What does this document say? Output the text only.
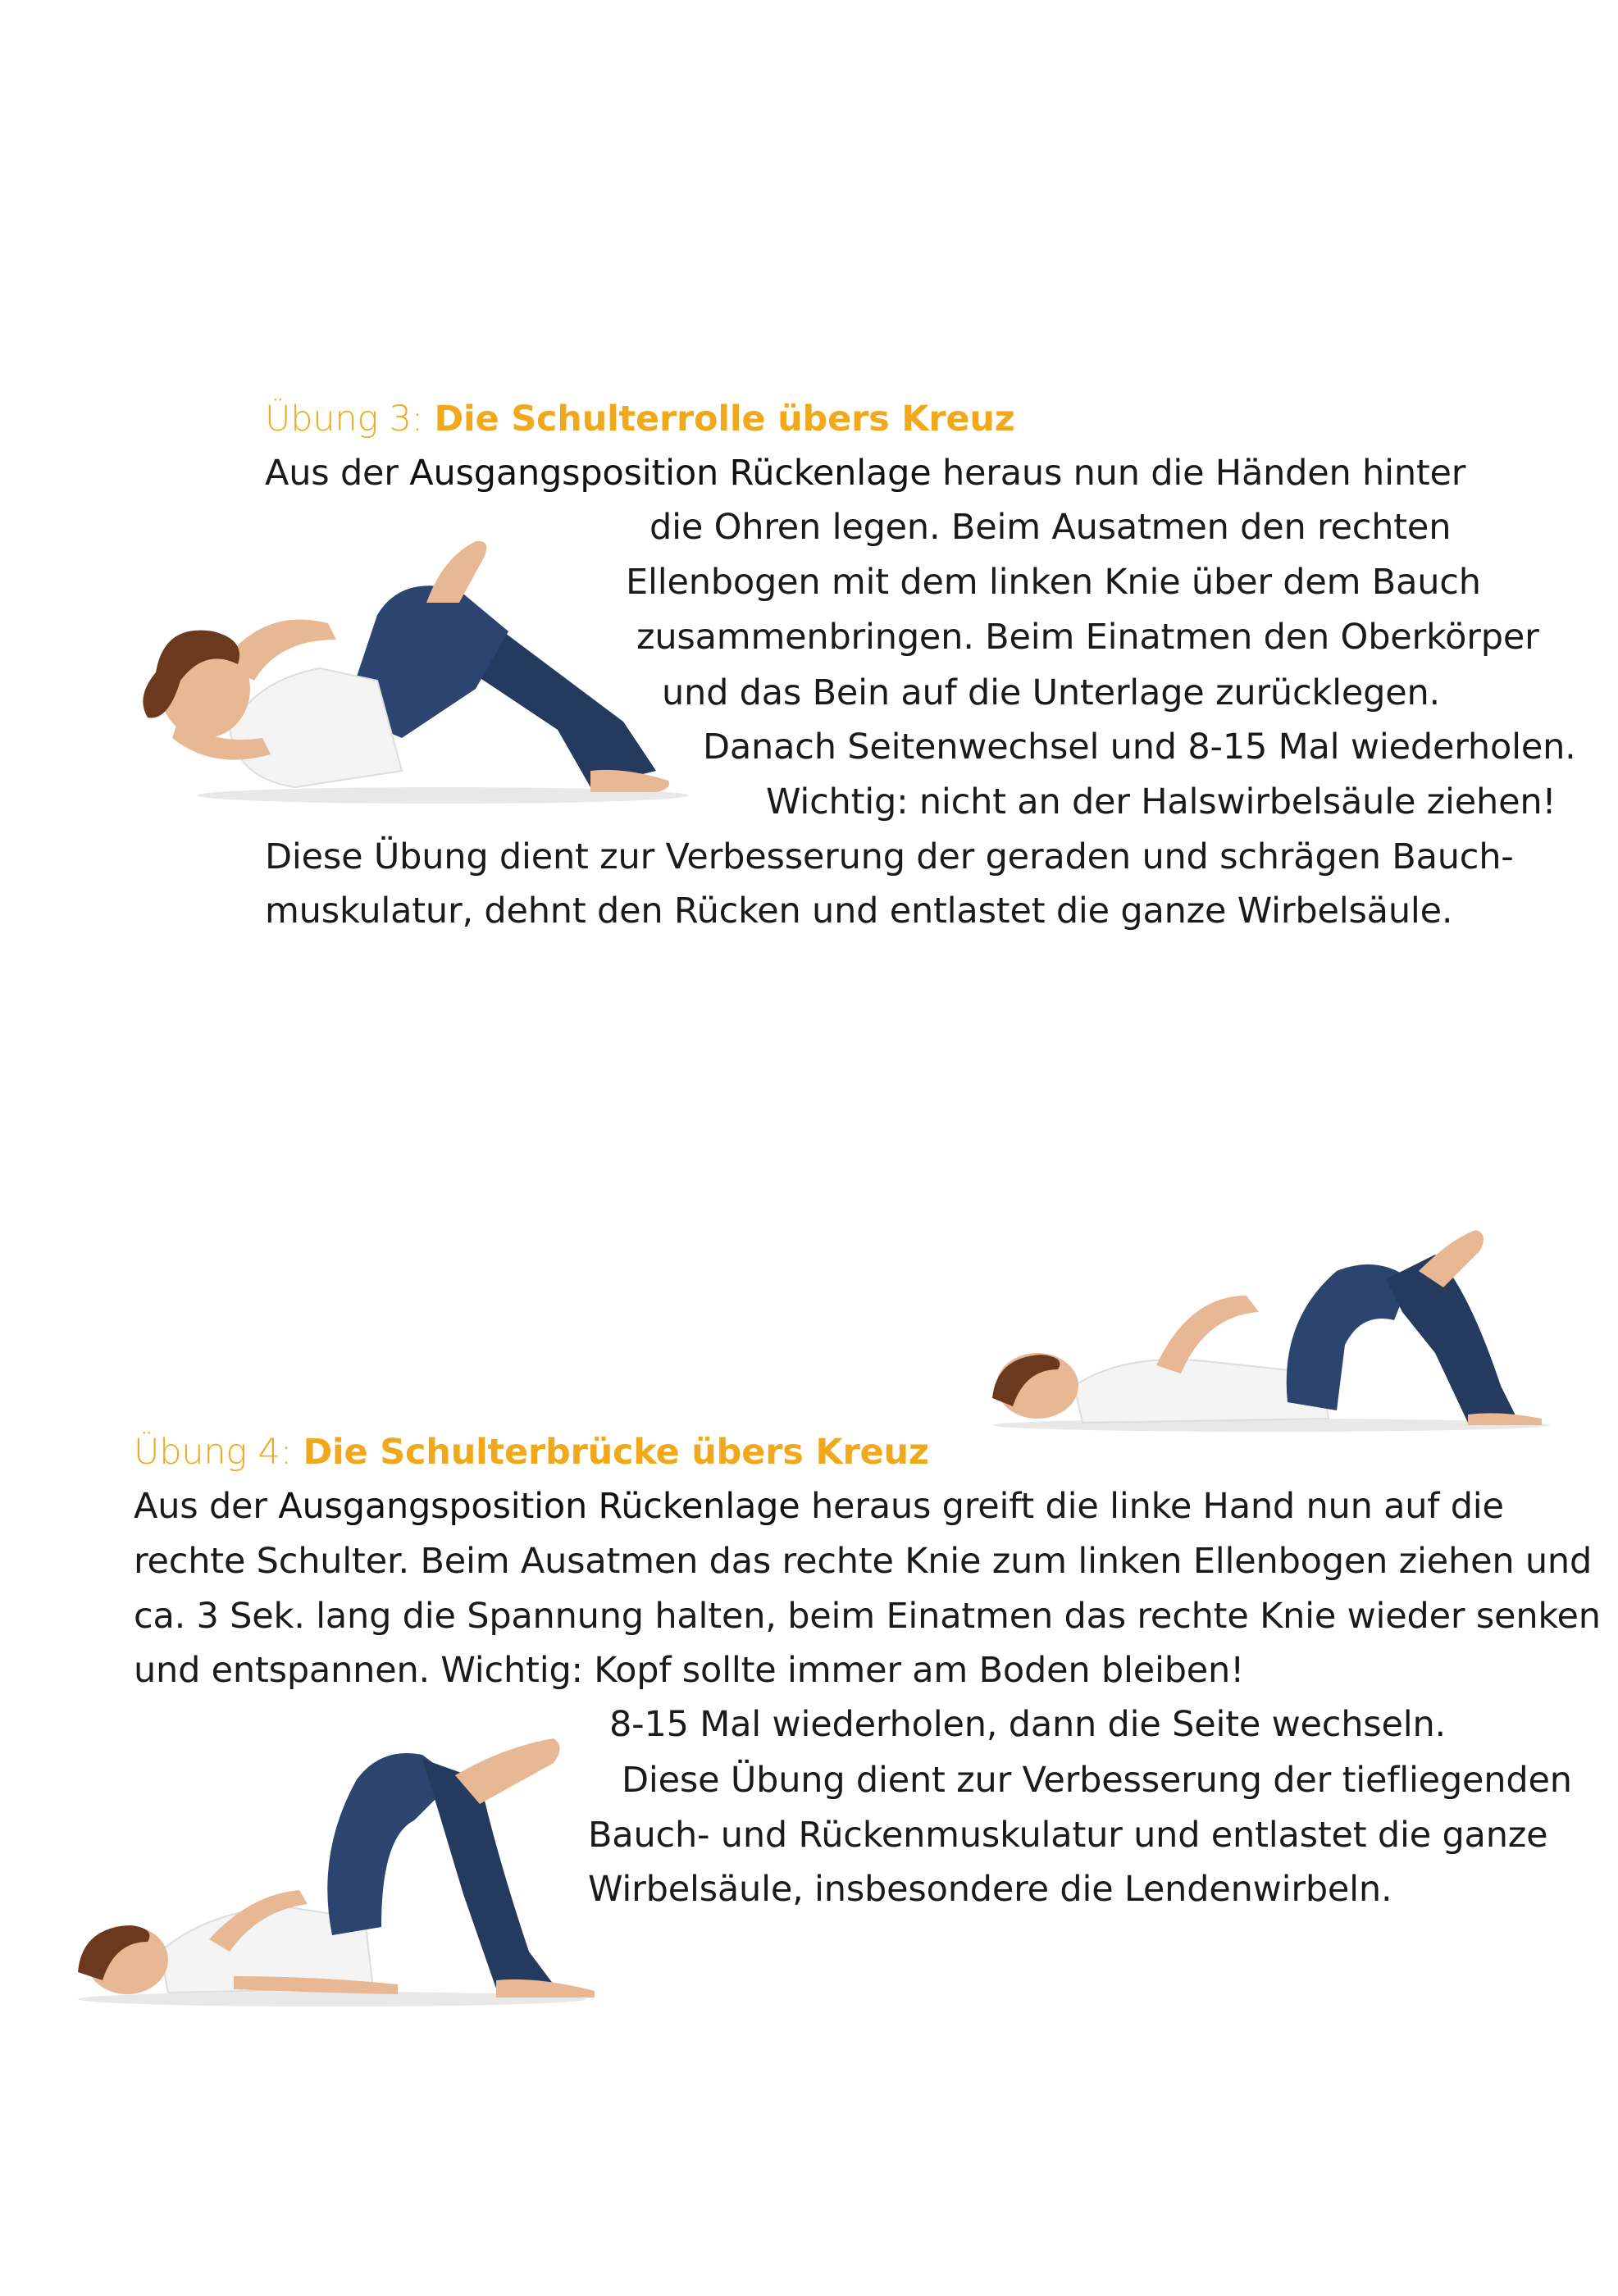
Übung 3: Die Schulterrolle übers Kreuz
Aus der Ausgangsposition Rückenlage heraus nun die Händen hinter
die Ohren legen. Beim Ausatmen den rechten
Ellenbogen mit dem linken Knie über dem Bauch
zusammenbringen. Beim Einatmen den Oberkörper
und das Bein auf die Unterlage zurücklegen.
Danach Seitenwechsel und 8-15 Mal wiederholen.
Wichtig: nicht an der Halswirbelsäule ziehen!
Diese Übung dient zur Verbesserung der geraden und schrägen Bauch-
muskulatur, dehnt den Rücken und entlastet die ganze Wirbelsäule.
Übung 4: Die Schulterbrücke übers Kreuz
Aus der Ausgangsposition Rückenlage heraus greift die linke Hand nun auf die
rechte Schulter. Beim Ausatmen das rechte Knie zum linken Ellenbogen ziehen und
ca. 3 Sek. lang die Spannung halten, beim Einatmen das rechte Knie wieder senken
und entspannen. Wichtig: Kopf sollte immer am Boden bleiben!
8-15 Mal wiederholen, dann die Seite wechseln.
Diese Übung dient zur Verbesserung der tiefliegenden
Bauch- und Rückenmuskulatur und entlastet die ganze
Wirbelsäule, insbesondere die Lendenwirbeln.
